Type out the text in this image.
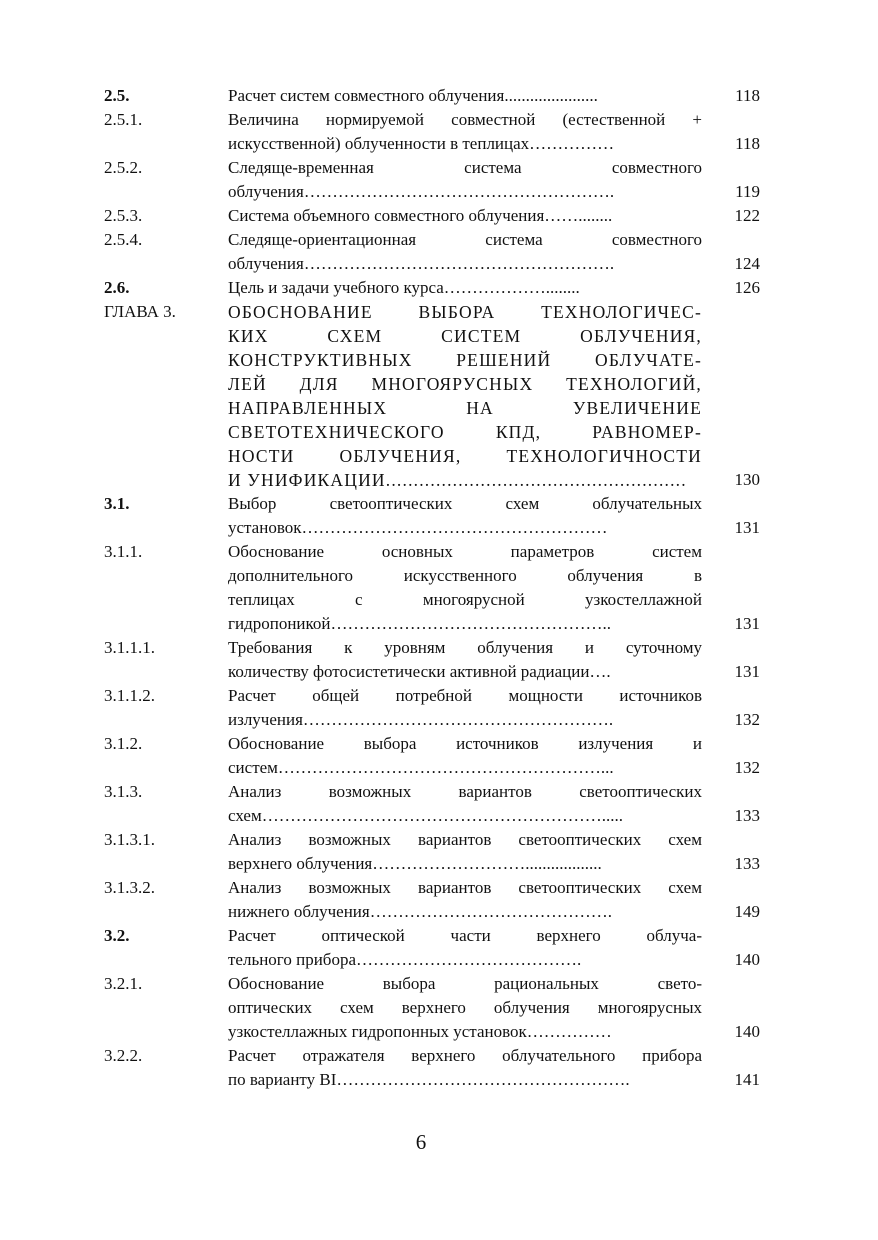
2.5.	Расчет систем совместного облучения......................	118
2.5.1.	Величина нормируемой совместной (естественной +
искусственной) облученности в теплицах……………	118
2.5.2.	Следяще-временная система совместного
облучения……………………………………………….	119
2.5.3.	Система объемного совместного облучения……........	122
2.5.4.	Следяще-ориентационная система совместного
облучения……………………………………………….	124
2.6.	Цель и задачи учебного курса………………........	126
ГЛАВА 3.	ОБОСНОВАНИЕ ВЫБОРА ТЕХНОЛОГИЧЕС-
КИХ СХЕМ СИСТЕМ ОБЛУЧЕНИЯ,
КОНСТРУКТИВНЫХ РЕШЕНИЙ ОБЛУЧАТЕ-
ЛЕЙ ДЛЯ МНОГОЯРУСНЫХ ТЕХНОЛОГИЙ,
НАПРАВЛЕННЫХ НА УВЕЛИЧЕНИЕ
СВЕТОТЕХНИЧЕСКОГО КПД, РАВНОМЕР-
НОСТИ ОБЛУЧЕНИЯ, ТЕХНОЛОГИЧНОСТИ
И УНИФИКАЦИИ......................................................	130
3.1.	Выбор светооптических схем облучательных
установок………………………………………………	131
3.1.1.	Обоснование основных параметров систем
дополнительного искусственного облучения в
теплицах с многоярусной узкостеллажной
гидропоникой…………………………………………..	131
3.1.1.1.	Требования к уровням облучения и суточному
количеству фотосистетически активной радиации….	131
3.1.1.2.	Расчет общей потребной мощности источников
излучения……………………………………………….	132
3.1.2.	Обоснование выбора источников излучения и
систем…………………………………………………...	132
3.1.3.	Анализ возможных вариантов светооптических
схем…………………………………………………….....	133
3.1.3.1.	Анализ возможных вариантов светооптических схем
верхнего облучения………………………..................	133
3.1.3.2.	Анализ возможных вариантов светооптических схем
нижнего облучения…………………………………….	149
3.2.	Расчет оптической части верхнего облуча-
тельного прибора………………………………….	140
3.2.1.	Обоснование выбора рациональных свето-
оптических схем верхнего облучения многоярусных
узкостеллажных гидропонных установок……………	140
3.2.2.	Расчет отражателя верхнего облучательного прибора
по варианту ВI…………………………………………….	141
6
